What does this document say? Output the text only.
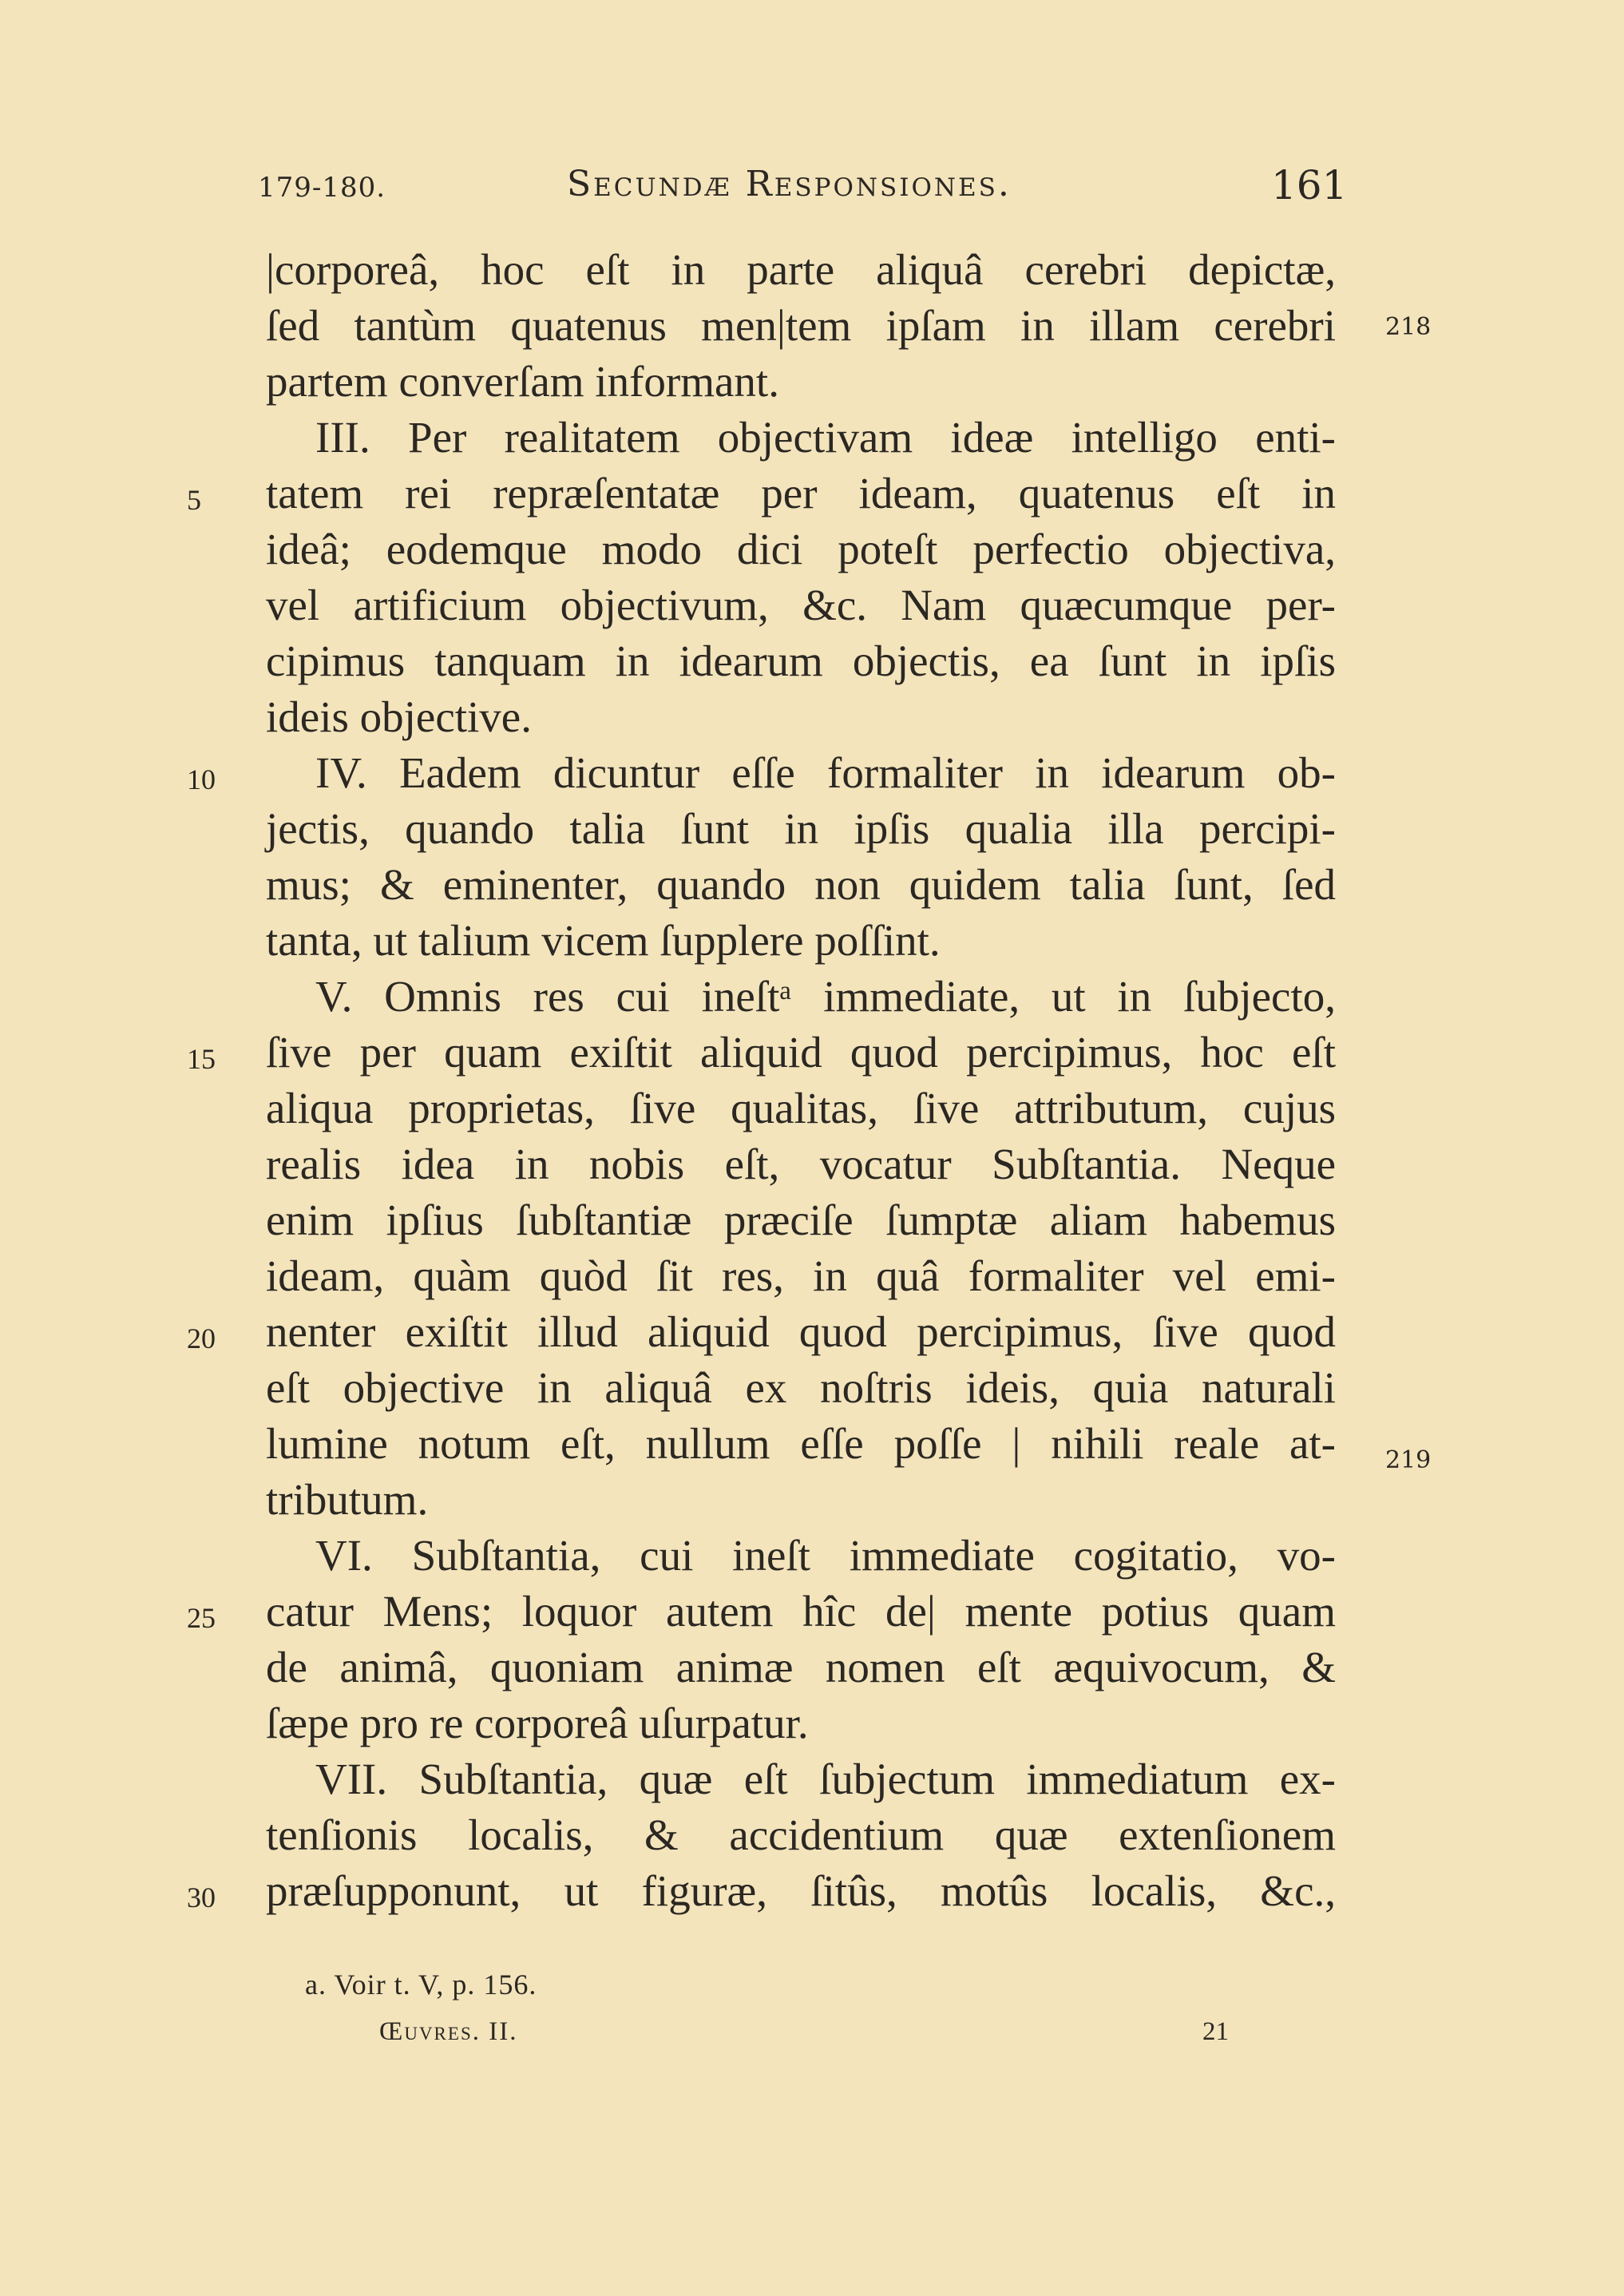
179-180.	Secundæ Responsiones.	161
|corporeâ, hoc eſt in parte aliquâ cerebri depictæ,
ſed tantùm quatenus men|tem ipſam in illam cerebri
partem converſam informant.
III. Per realitatem objectivam ideæ intelligo enti-
tatem rei repræſentatæ per ideam, quatenus eſt in
ideâ; eodemque modo dici poteſt perfectio objectiva,
vel artificium objectivum, &c. Nam quæcumque per-
cipimus tanquam in idearum objectis, ea ſunt in ipſis
ideis objective.
IV. Eadem dicuntur eſſe formaliter in idearum ob-
jectis, quando talia ſunt in ipſis qualia illa percipi-
mus; & eminenter, quando non quidem talia ſunt, ſed
tanta, ut talium vicem ſupplere poſſint.
V. Omnis res cui ineſtᵃ immediate, ut in ſubjecto,
ſive per quam exiſtit aliquid quod percipimus, hoc eſt
aliqua proprietas, ſive qualitas, ſive attributum, cujus
realis idea in nobis eſt, vocatur Subſtantia. Neque
enim ipſius ſubſtantiæ præciſe ſumptæ aliam habemus
ideam, quàm quòd ſit res, in quâ formaliter vel emi-
nenter exiſtit illud aliquid quod percipimus, ſive quod
eſt objective in aliquâ ex noſtris ideis, quia naturali
lumine notum eſt, nullum eſſe poſſe | nihili reale at-
tributum.
VI. Subſtantia, cui ineſt immediate cogitatio, vo-
catur Mens; loquor autem hîc de| mente potius quam
de animâ, quoniam animæ nomen eſt æquivocum, &
ſæpe pro re corporeâ uſurpatur.
VII. Subſtantia, quæ eſt ſubjectum immediatum ex-
tenſionis localis, & accidentium quæ extenſionem
præſupponunt, ut figuræ, ſitûs, motûs localis, &c.,
5
10
15
20
25
30
218
219
a. Voir t. V, p. 156.
Œuvres. II.	21
